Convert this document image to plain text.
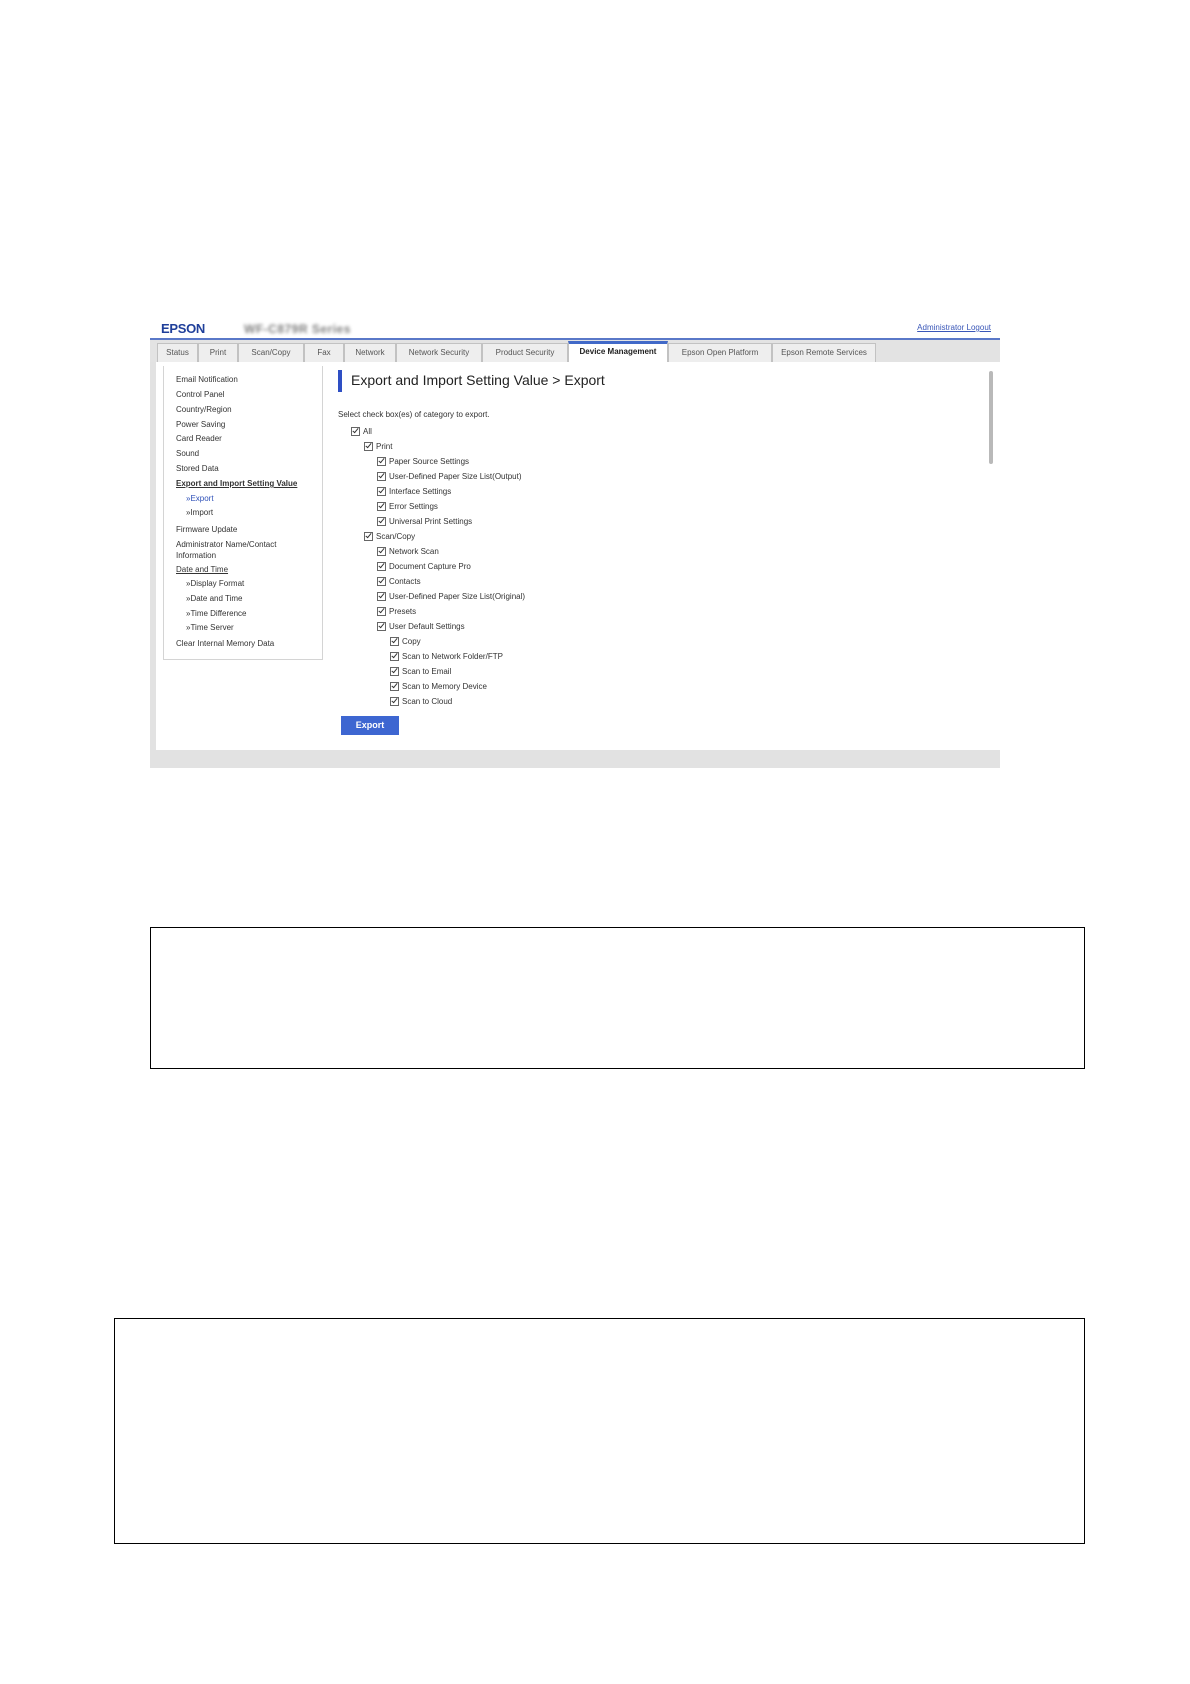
EPSON	WF-C879R Series	Administrator Logout
Status	Print	Scan/Copy	Fax	Network	Network Security	Product Security	Device Management	Epson Open Platform	Epson Remote Services
Email Notification
Control Panel
Country/Region
Power Saving
Card Reader
Sound
Stored Data
Export and Import Setting Value
»Export
»Import
Firmware Update
Administrator Name/Contact Information
Date and Time
»Display Format
»Date and Time
»Time Difference
»Time Server
Clear Internal Memory Data
Export and Import Setting Value > Export
Select check box(es) of category to export.
All
Print
Paper Source Settings
User-Defined Paper Size List(Output)
Interface Settings
Error Settings
Universal Print Settings
Scan/Copy
Network Scan
Document Capture Pro
Contacts
User-Defined Paper Size List(Original)
Presets
User Default Settings
Copy
Scan to Network Folder/FTP
Scan to Email
Scan to Memory Device
Scan to Cloud
Export
